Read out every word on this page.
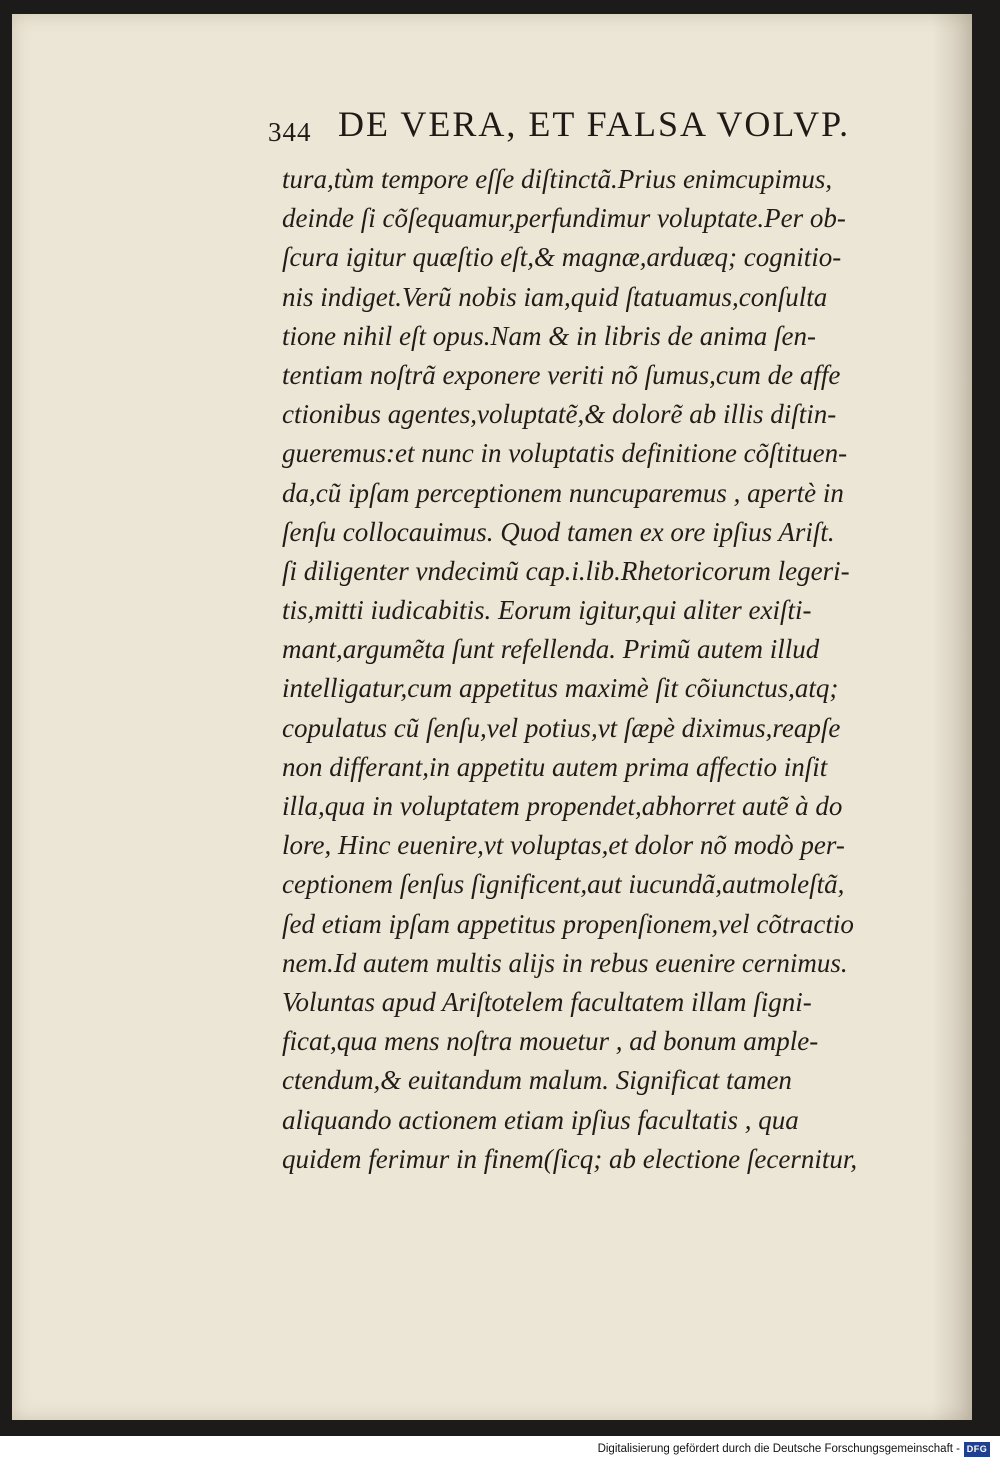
344 DE VERA, ET FALSA VOLVP.
tura,tùm tempore eſſe diſtinctã.Prius enimcupimus,
deinde ſi cõſequamur,perfundimur voluptate.Per ob-
ſcura igitur quæſtio eſt,& magnæ,arduæq; cognitio-
nis indiget.Verũ nobis iam,quid ſtatuamus,conſulta
tione nihil eſt opus.Nam & in libris de anima ſen-
tentiam noſtrã exponere veriti nõ ſumus,cum de affe
ctionibus agentes,voluptatẽ,& dolorẽ ab illis diſtin-
gueremus:et nunc in voluptatis definitione cõſtituen-
da,cũ ipſam perceptionem nuncuparemus , apertè in
ſenſu collocauimus. Quod tamen ex ore ipſius Ariſt.
ſi diligenter vndecimũ cap.i.lib.Rhetoricorum legeri-
tis,mitti iudicabitis. Eorum igitur,qui aliter exiſti-
mant,argumẽta ſunt refellenda. Primũ autem illud
intelligatur,cum appetitus maximè ſit cõiunctus,atq;
copulatus cũ ſenſu,vel potius,vt ſæpè diximus,reapſe
non differant,in appetitu autem prima affectio inſit
illa,qua in voluptatem propendet,abhorret autẽ à do
lore, Hinc euenire,vt voluptas,et dolor nõ modò per-
ceptionem ſenſus ſignificent,aut iucundã,autmoleſtã,
ſed etiam ipſam appetitus propenſionem,vel cõtractio
nem.Id autem multis alijs in rebus euenire cernimus.
Voluntas apud Ariſtotelem facultatem illam ſigni-
ficat,qua mens noſtra mouetur , ad bonum ample-
ctendum,& euitandum malum. Significat tamen
aliquando actionem etiam ipſius facultatis , qua
quidem ferimur in finem(ſicq; ab electione ſecernitur,
Digitalisierung gefördert durch die Deutsche Forschungsgemeinschaft - DFG
